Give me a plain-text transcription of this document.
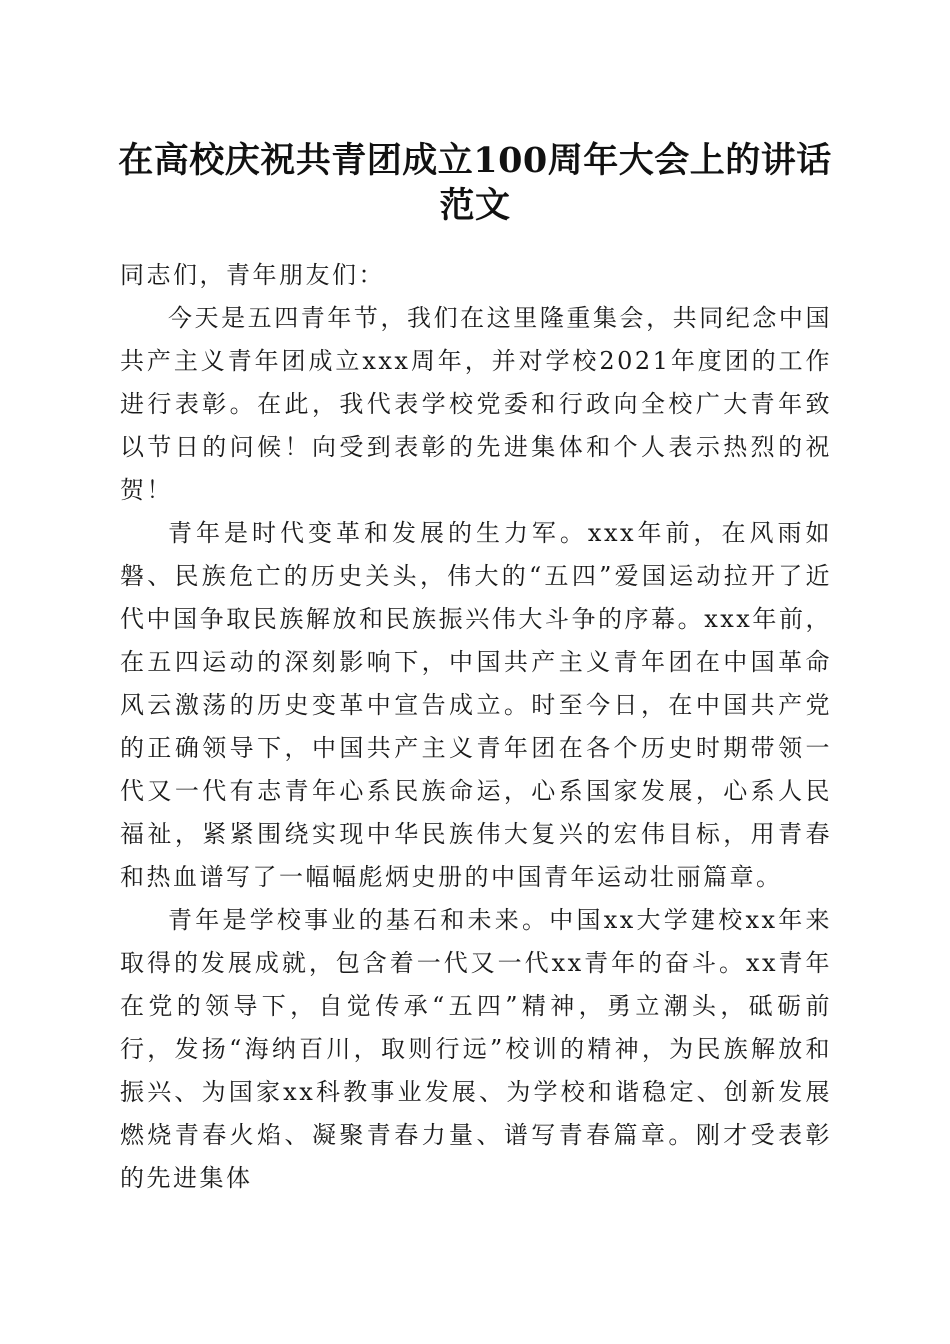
在高校庆祝共青团成立100周年大会上的讲话
范文

同志们，青年朋友们：

今天是五四青年节，我们在这里隆重集会，共同纪念中国共产主义青年团成立xxx周年，并对学校2021年度团的工作进行表彰。在此，我代表学校党委和行政向全校广大青年致以节日的问候！向受到表彰的先进集体和个人表示热烈的祝贺！

青年是时代变革和发展的生力军。xxx年前，在风雨如磐、民族危亡的历史关头，伟大的“五四”爱国运动拉开了近代中国争取民族解放和民族振兴伟大斗争的序幕。xxx年前，在五四运动的深刻影响下，中国共产主义青年团在中国革命风云激荡的历史变革中宣告成立。时至今日，在中国共产党的正确领导下，中国共产主义青年团在各个历史时期带领一代又一代有志青年心系民族命运，心系国家发展，心系人民福祉，紧紧围绕实现中华民族伟大复兴的宏伟目标，用青春和热血谱写了一幅幅彪炳史册的中国青年运动壮丽篇章。

青年是学校事业的基石和未来。中国xx大学建校xx年来取得的发展成就，包含着一代又一代xx青年的奋斗。xx青年在党的领导下，自觉传承“五四”精神，勇立潮头，砥砺前行，发扬“海纳百川，取则行远”校训的精神，为民族解放和振兴、为国家xx科教事业发展、为学校和谐稳定、创新发展燃烧青春火焰、凝聚青春力量、谱写青春篇章。刚才受表彰的先进集体
